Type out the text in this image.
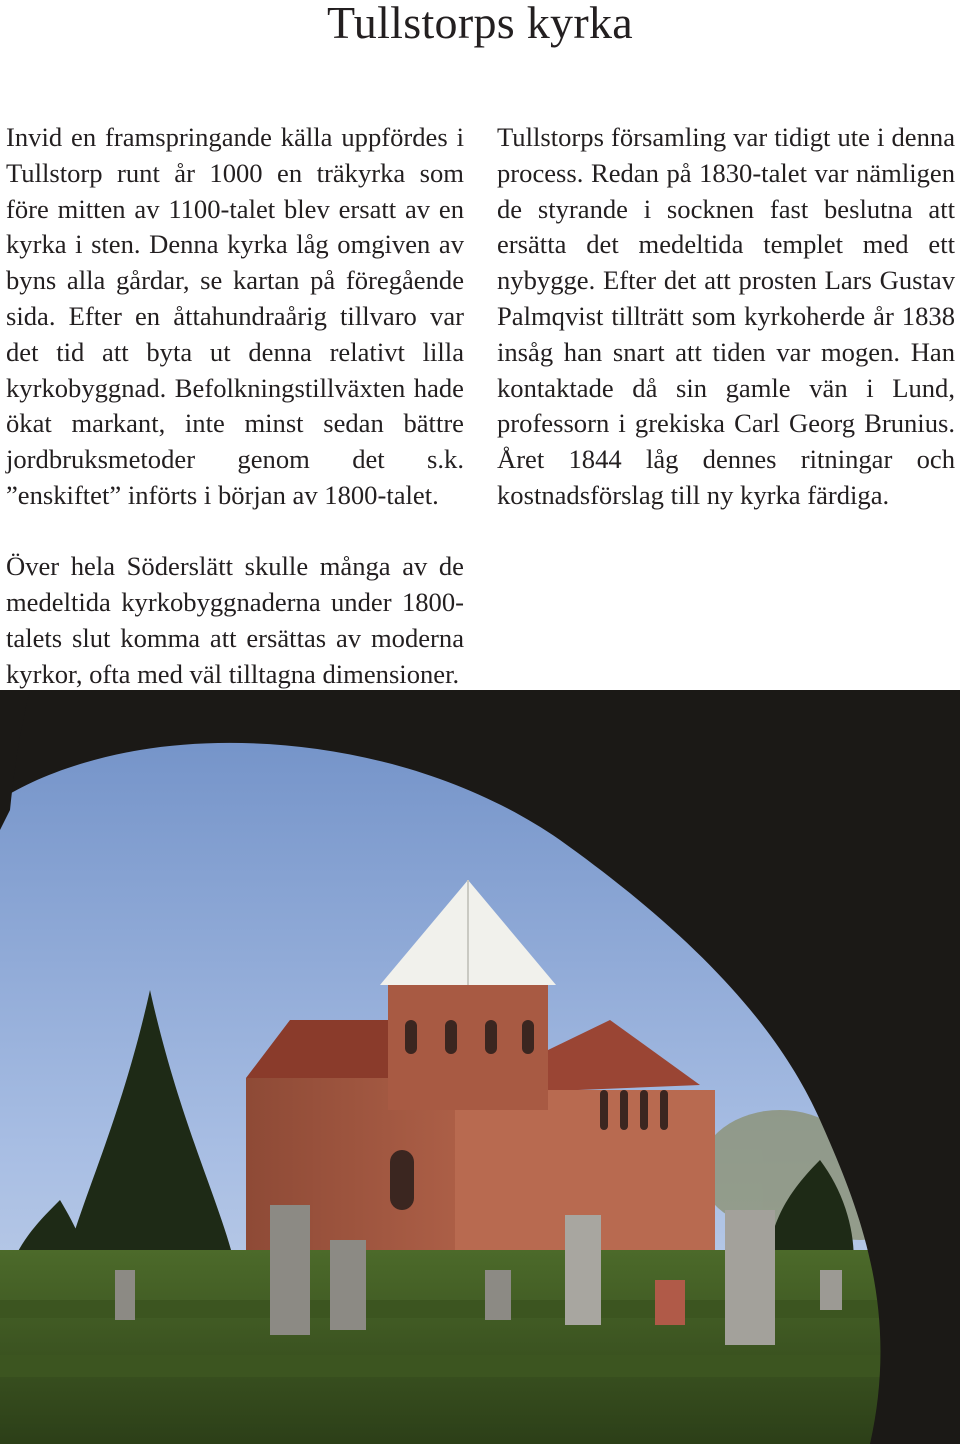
Tullstorps kyrka

Invid en framspringande källa uppfördes i Tullstorp runt år 1000 en träkyrka som före mitten av 1100-talet blev ersatt av en kyrka i sten. Denna kyrka låg omgiven av byns alla gårdar, se kartan på föregående sida. Efter en åttahundraårig tillvaro var det tid att byta ut denna relativt lilla kyrkobyggnad. Befolkningstillväxten hade ökat markant, inte minst sedan bättre jordbruksmetoder genom det s.k. ”enskiftet” införts i början av 1800-talet.

Över hela Söderslätt skulle många av de medeltida kyrkobyggnaderna under 1800-talets slut komma att ersättas av moderna kyrkor, ofta med väl tilltagna dimensioner.

Tullstorps församling var tidigt ute i denna process. Redan på 1830-talet var nämligen de styrande i socknen fast beslutna att ersätta det medeltida templet med ett nybygge. Efter det att prosten Lars Gustav Palmqvist tillträtt som kyrkoherde år 1838 insåg han snart att tiden var mogen. Han kontaktade då sin gamle vän i Lund, professorn i grekiska Carl Georg Brunius. Året 1844 låg dennes ritningar och kostnadsförslag till ny kyrka färdiga.
